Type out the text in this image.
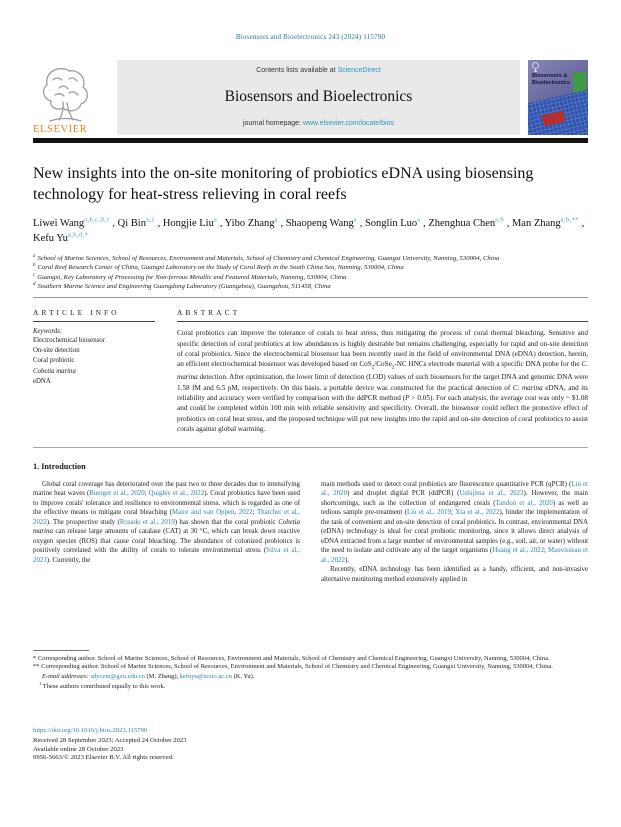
Biosensors and Bioelectronics 243 (2024) 115790
ELSEVIER
Contents lists available at ScienceDirect
Biosensors and Bioelectronics
journal homepage: www.elsevier.com/locate/bios
Biosensors &
Bioelectronics
New insights into the on-site monitoring of probiotics eDNA using biosensing technology for heat-stress relieving in coral reefs
Liwei Wang$^{a,b,c,d,1}$ , Qi Bin$^{a,1}$ , Hongjie Liu$^a$ , Yibo Zhang$^a$ , Shaopeng Wang$^a$ , Songlin Luo$^a$ , Zhenghua Chen$^{a,b}$ , Man Zhang$^{a,b,**}$ , Kefu $Yu^{a,b,d,*}$
$^a$ School of Marine Sciences, School of Resources, Environment and Materials, School of Chemistry and Chemical Engineering, Guangxi University, Nanning, 530004, China
$^b$ Coral Reef Research Center of China, Guangxi Laboratory on the Study of Coral Reefs in the South China Sea, Nanning, 530004, China
$^c$ Guangxi, Key Laboratory of Processing for Non-ferrous Metallic and Featured Materials, Nanning, 530004, China
$^d$ Southern Marine Science and Engineering Guangdong Laboratory (Guangzhou), Guangzhou, 511458, China
ARTICLE INFO
Keywords:
Electrochemical biosensor
On-site detection
Coral probiotic
Cobetia marina
eDNA
ABSTRACT

Coral probiotics can improve the tolerance of corals to heat stress, thus mitigating the process of coral thermal bleaching. Sensitive and specific detection of coral probiotics at low abundances is highly desirable but remains challenging, especially for rapid and on-site detection of coral probiotics. Since the electrochemical biosensor has been recently used in the field of environmental DNA (eDNA) detection, herein, an efficient electrochemical biosensor was developed based on CoS$_2$/CoSe$_2$-NC HNCs electrode material with a specific DNA probe for the C. marina detection. After optimization, the lower limit of detection (LOD) values of such biosensors for the target DNA and genomic DNA were 1.58 fM and 6.5 pM, respectively. On this basis, a portable device was constructed for the practical detection of C. marina eDNA, and its reliability and accuracy were verified by comparison with the ddPCR method (P > 0.05). For each analysis, the average cost was only ~ $1.08 and could be completed within 100 min with reliable sensitivity and specificity. Overall, the biosensor could reflect the protective effect of probiotics on coral heat stress, and the proposed technique will put new insights into the rapid and on-site detection of coral probiotics to assist corals against global warming.

1. Introduction

Global coral coverage has deteriorated over the past two to three decades due to intensifying marine heat waves (Buerger et al., 2020; Quigley et al., 2022). Coral probiotics have been used to improve corals' tolerance and resilience to environmental stress, which is regarded as one of the effective means to mitigate coral bleaching (Maire and van Oppen, 2022; Thatcher et al., 2022). The prospective study (Rosado et al., 2019) has shown that the coral probiotic Cobetia marina can release large amounts of catalase (CAT) at 30 °C, which can break down reactive oxygen species (ROS) that cause coral bleaching. The abundance of colonized probiotics is positively correlated with the ability of corals to tolerate environmental stress (Silva et al., 2021). Currently, the

main methods used to detect coral probiotics are fluorescence quantitative PCR (qPCR) (Liu et al., 2020) and droplet digital PCR (ddPCR) (Ushijima et al., 2023). However, the main shortcomings, such as the collection of endangered corals (Tandon et al., 2020) as well as tedious sample pre-treatment (Liu et al., 2019; Xia et al., 2022), hinder the implementation of the task of convenient and on-site detection of coral probiotics. In contrast, environmental DNA (eDNA) technology is ideal for coral probiotic monitoring, since it allows direct analysis of eDNA extracted from a large number of environmental samples (e.g., soil, air, or water) without the need to isolate and cultivate any of the target organisms (Huang et al., 2022; Mauvisseau et al., 2022).

Recently, eDNA technology has been identified as a handy, efficient, and non-invasive alternative monitoring method extensively applied in

* Corresponding author. School of Marine Sciences, School of Resources, Environment and Materials, School of Chemistry and Chemical Engineering, Guangxi University, Nanning, 530004, China.

** Corresponding author. School of Marine Sciences, School of Resources, Environment and Materials, School of Chemistry and Chemical Engineering, Guangxi University, Nanning, 530004, China.

E-mail addresses: sdyczm@gxu.edu.cn (M. Zhang), kefuyu@scsio.ac.cn (K. Yu).

$^1$ These authors contributed equally to this work.

https://doi.org/10.1016/j.bios.2023.115790
Received 28 September 2023; Accepted 24 October 2023
Available online 28 October 2023
0956-5663/© 2023 Elsevier B.V. All rights reserved.
